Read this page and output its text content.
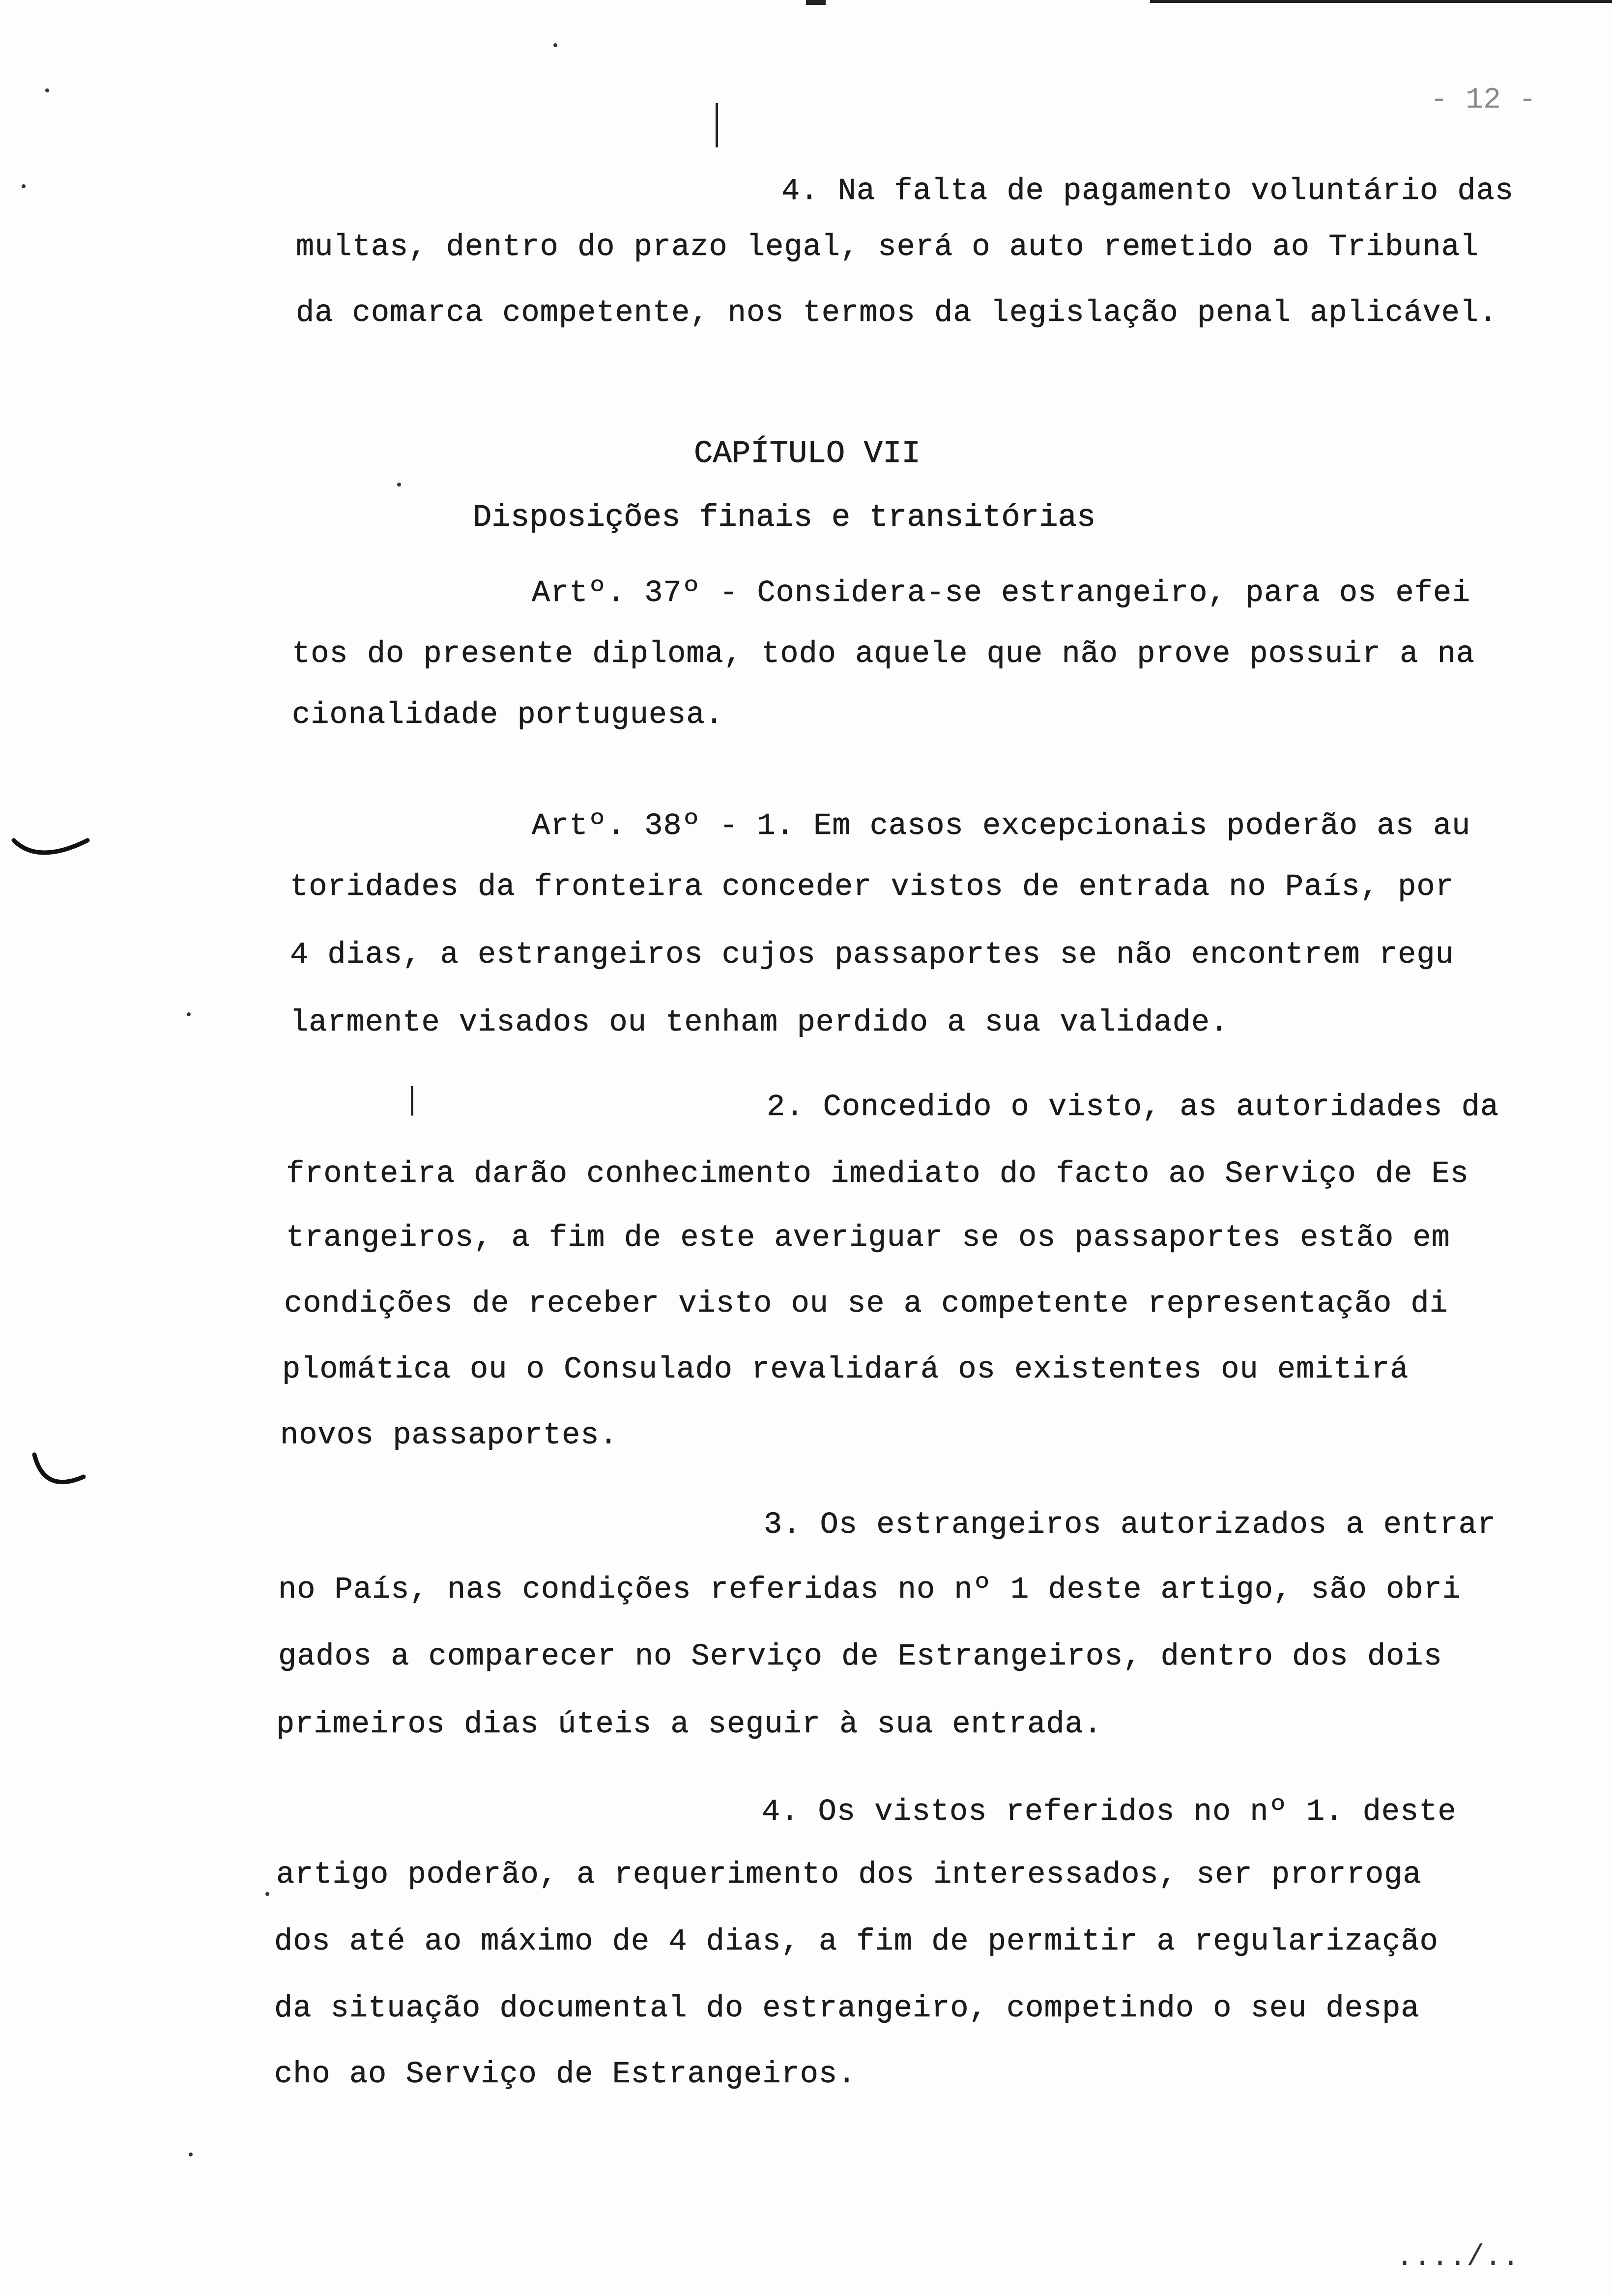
- 12 -
4. Na falta de pagamento voluntário das
multas, dentro do prazo legal, será o auto remetido ao Tribunal
da comarca competente, nos termos da legislação penal aplicável.
CAPÍTULO VII
Disposições finais e transitórias
Artº. 37º - Considera-se estrangeiro, para os efei
tos do presente diploma, todo aquele que não prove possuir a na
cionalidade portuguesa.
Artº. 38º - 1. Em casos excepcionais poderão as au
toridades da fronteira conceder vistos de entrada no País, por
4 dias, a estrangeiros cujos passaportes se não encontrem regu
larmente visados ou tenham perdido a sua validade.
2. Concedido o visto, as autoridades da
fronteira darão conhecimento imediato do facto ao Serviço de Es
trangeiros, a fim de este averiguar se os passaportes estão em
condições de receber visto ou se a competente representação di
plomática ou o Consulado revalidará os existentes ou emitirá
novos passaportes.
3. Os estrangeiros autorizados a entrar
no País, nas condições referidas no nº 1 deste artigo, são obri
gados a comparecer no Serviço de Estrangeiros, dentro dos dois
primeiros dias úteis a seguir à sua entrada.
4. Os vistos referidos no nº 1. deste
artigo poderão, a requerimento dos interessados, ser prorroga
dos até ao máximo de 4 dias, a fim de permitir a regularização
da situação documental do estrangeiro, competindo o seu despa
cho ao Serviço de Estrangeiros.
..../..
